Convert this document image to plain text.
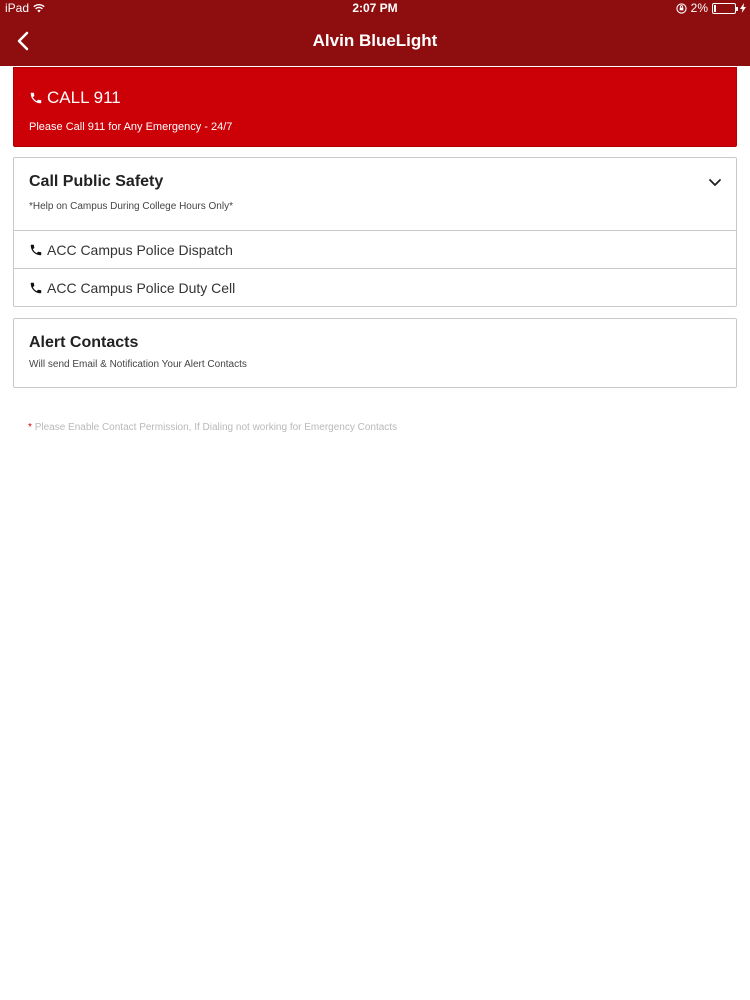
iPad	2:07 PM	2%
Alvin BlueLight
CALL 911
Please Call 911 for Any Emergency - 24/7
Call Public Safety
*Help on Campus During College Hours Only*
ACC Campus Police Dispatch
ACC Campus Police Duty Cell
Alert Contacts
Will send Email & Notification Your Alert Contacts
* Please Enable Contact Permission, If Dialing not working for Emergency Contacts
